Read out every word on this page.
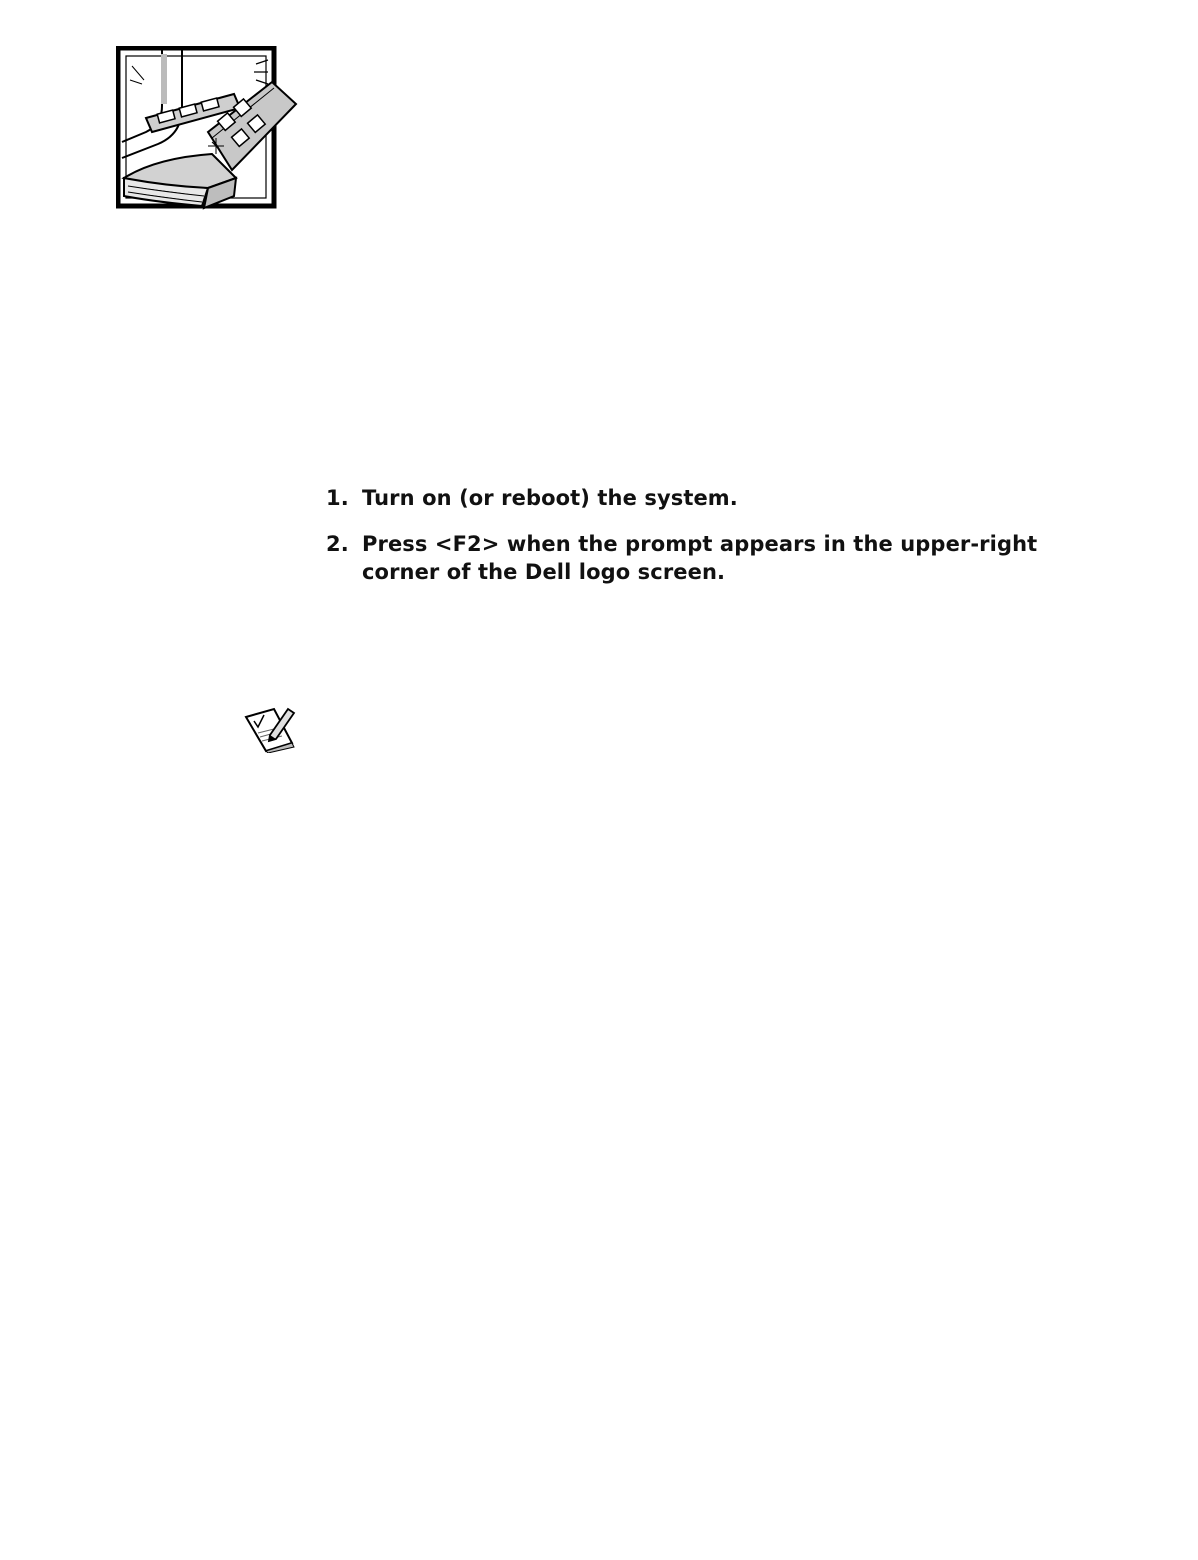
1. Turn on (or reboot) the system.
2. Press <F2> when the prompt appears in the upper-right corner of the Dell logo screen.
